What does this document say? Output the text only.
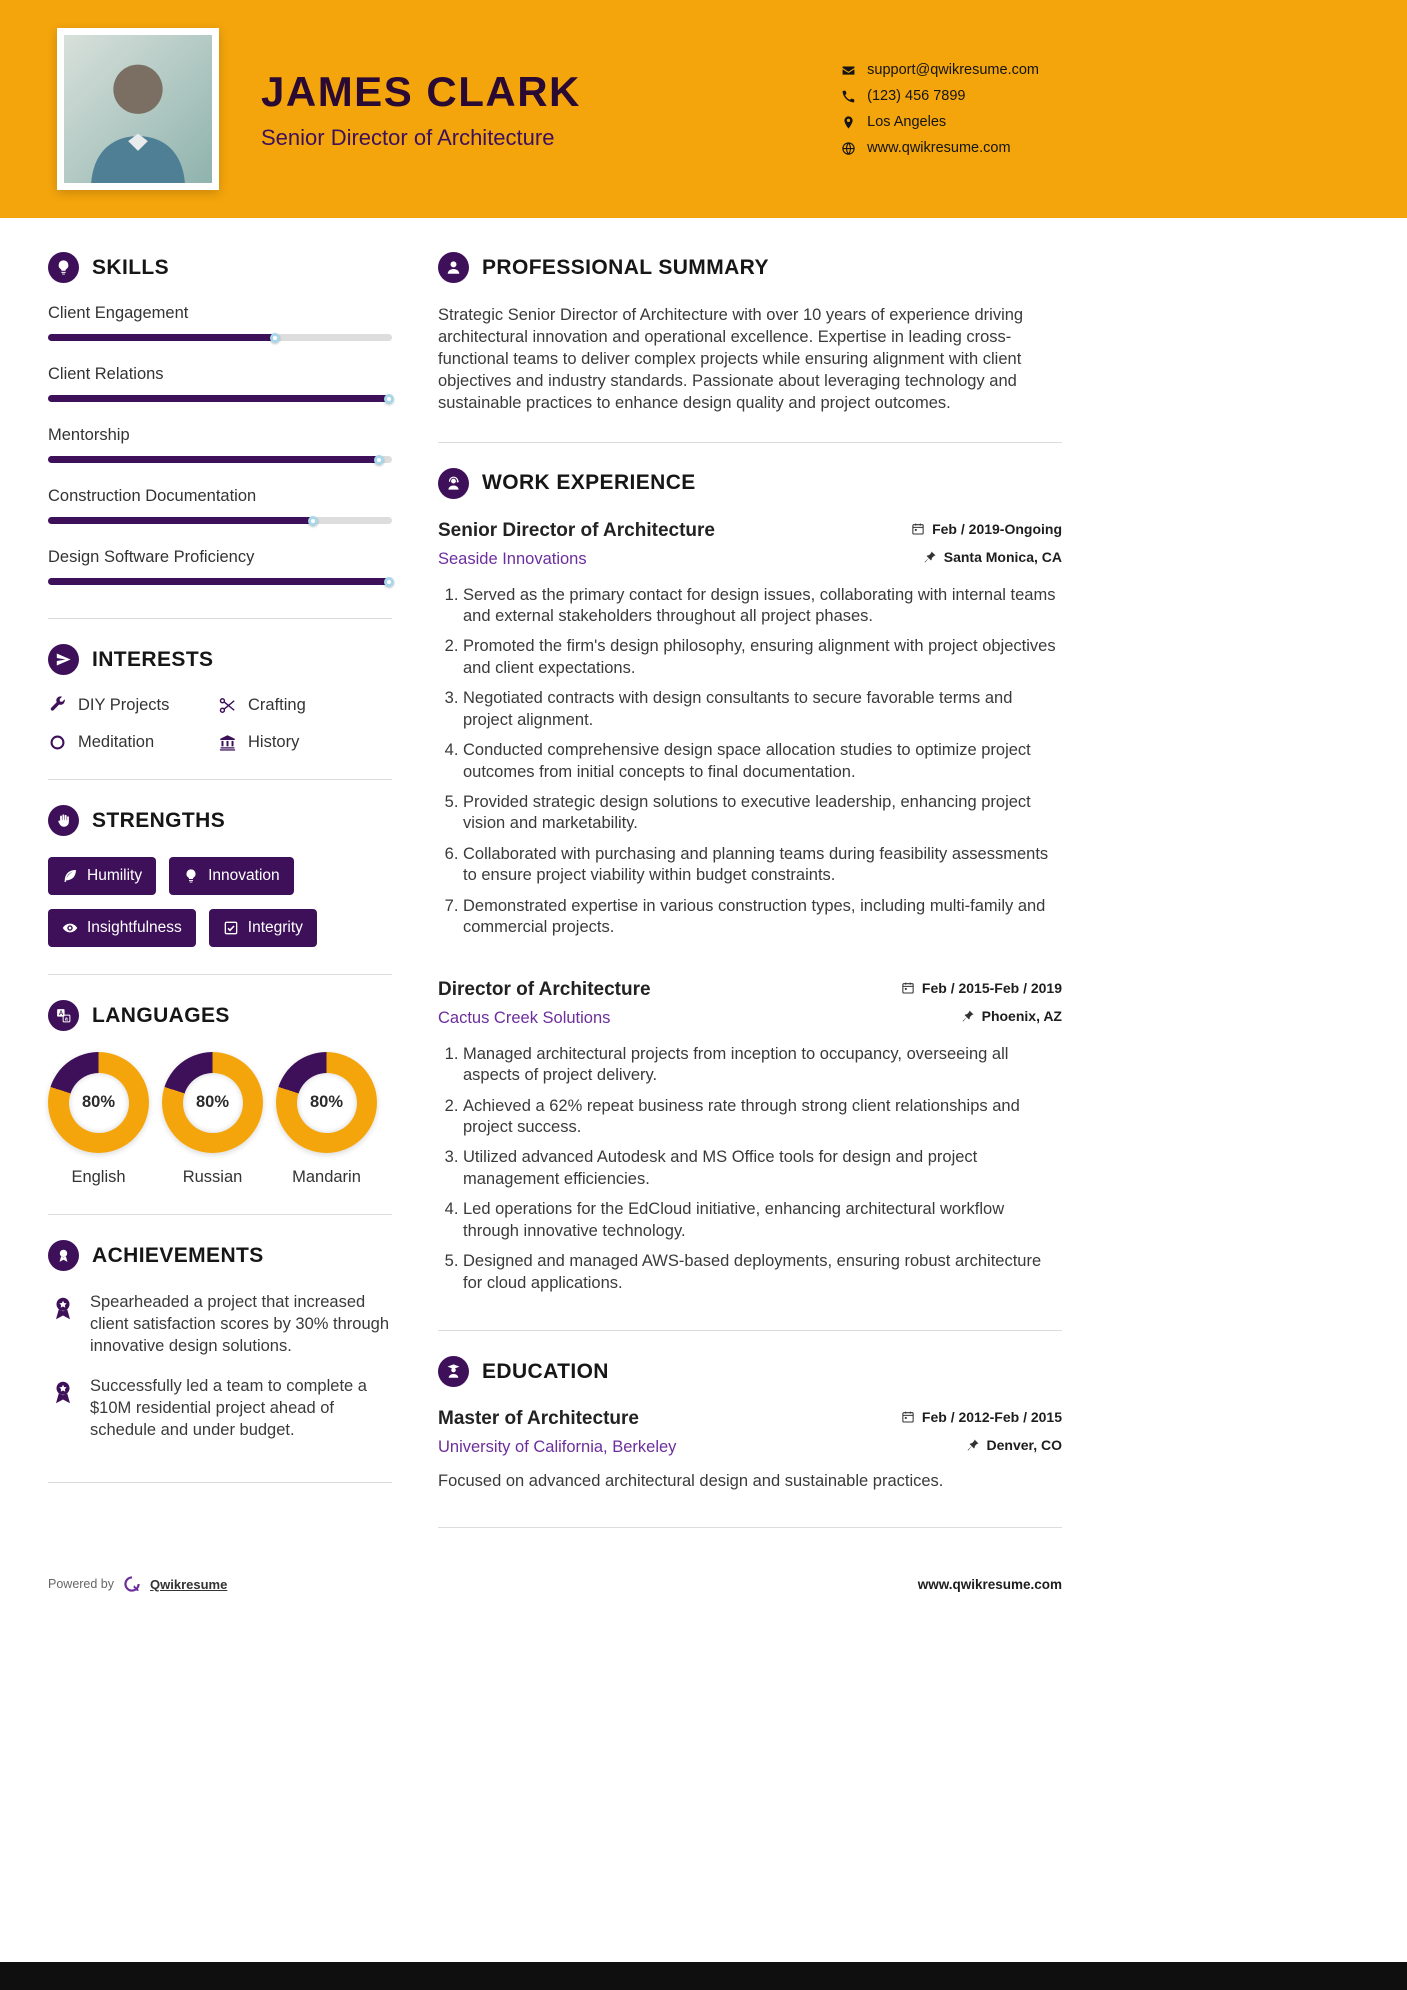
JAMES CLARK
Senior Director of Architecture
support@qwikresume.com
(123) 456 7899
Los Angeles
www.qwikresume.com
SKILLS
Client Engagement
Client Relations
Mentorship
Construction Documentation
Design Software Proficiency
INTERESTS
DIY Projects	Crafting
Meditation	History
STRENGTHS
Humility	Innovation
Insightfulness	Integrity
A
a LANGUAGES
80%
English
80%
Russian
80%
Mandarin
ACHIEVEMENTS

Spearheaded a project that increased client satisfaction scores by 30% through innovative design solutions.

Successfully led a team to complete a $10M residential project ahead of schedule and under budget.

PROFESSIONAL SUMMARY

Strategic Senior Director of Architecture with over 10 years of experience driving architectural innovation and operational excellence. Expertise in leading cross-functional teams to deliver complex projects while ensuring alignment with client objectives and industry standards. Passionate about leveraging technology and sustainable practices to enhance design quality and project outcomes.

WORK EXPERIENCE
Senior Director of Architecture	Feb / 2019-Ongoing
Seaside Innovations	Santa Monica, CA
1. Served as the primary contact for design issues, collaborating with internal teams and external stakeholders throughout all project phases.
2. Promoted the firm's design philosophy, ensuring alignment with project objectives and client expectations.
3. Negotiated contracts with design consultants to secure favorable terms and project alignment.
4. Conducted comprehensive design space allocation studies to optimize project outcomes from initial concepts to final documentation.
5. Provided strategic design solutions to executive leadership, enhancing project vision and marketability.
6. Collaborated with purchasing and planning teams during feasibility assessments to ensure project viability within budget constraints.
7. Demonstrated expertise in various construction types, including multi-family and commercial projects.
Director of Architecture	Feb / 2015-Feb / 2019
Cactus Creek Solutions	Phoenix, AZ
1. Managed architectural projects from inception to occupancy, overseeing all aspects of project delivery.
2. Achieved a 62% repeat business rate through strong client relationships and project success.
3. Utilized advanced Autodesk and MS Office tools for design and project management efficiencies.
4. Led operations for the EdCloud initiative, enhancing architectural workflow through innovative technology.
5. Designed and managed AWS-based deployments, ensuring robust architecture for cloud applications.
EDUCATION
Master of Architecture	Feb / 2012-Feb / 2015
University of California, Berkeley	Denver, CO

Focused on advanced architectural design and sustainable practices.

Powered by	Qwikresume	www.qwikresume.com
